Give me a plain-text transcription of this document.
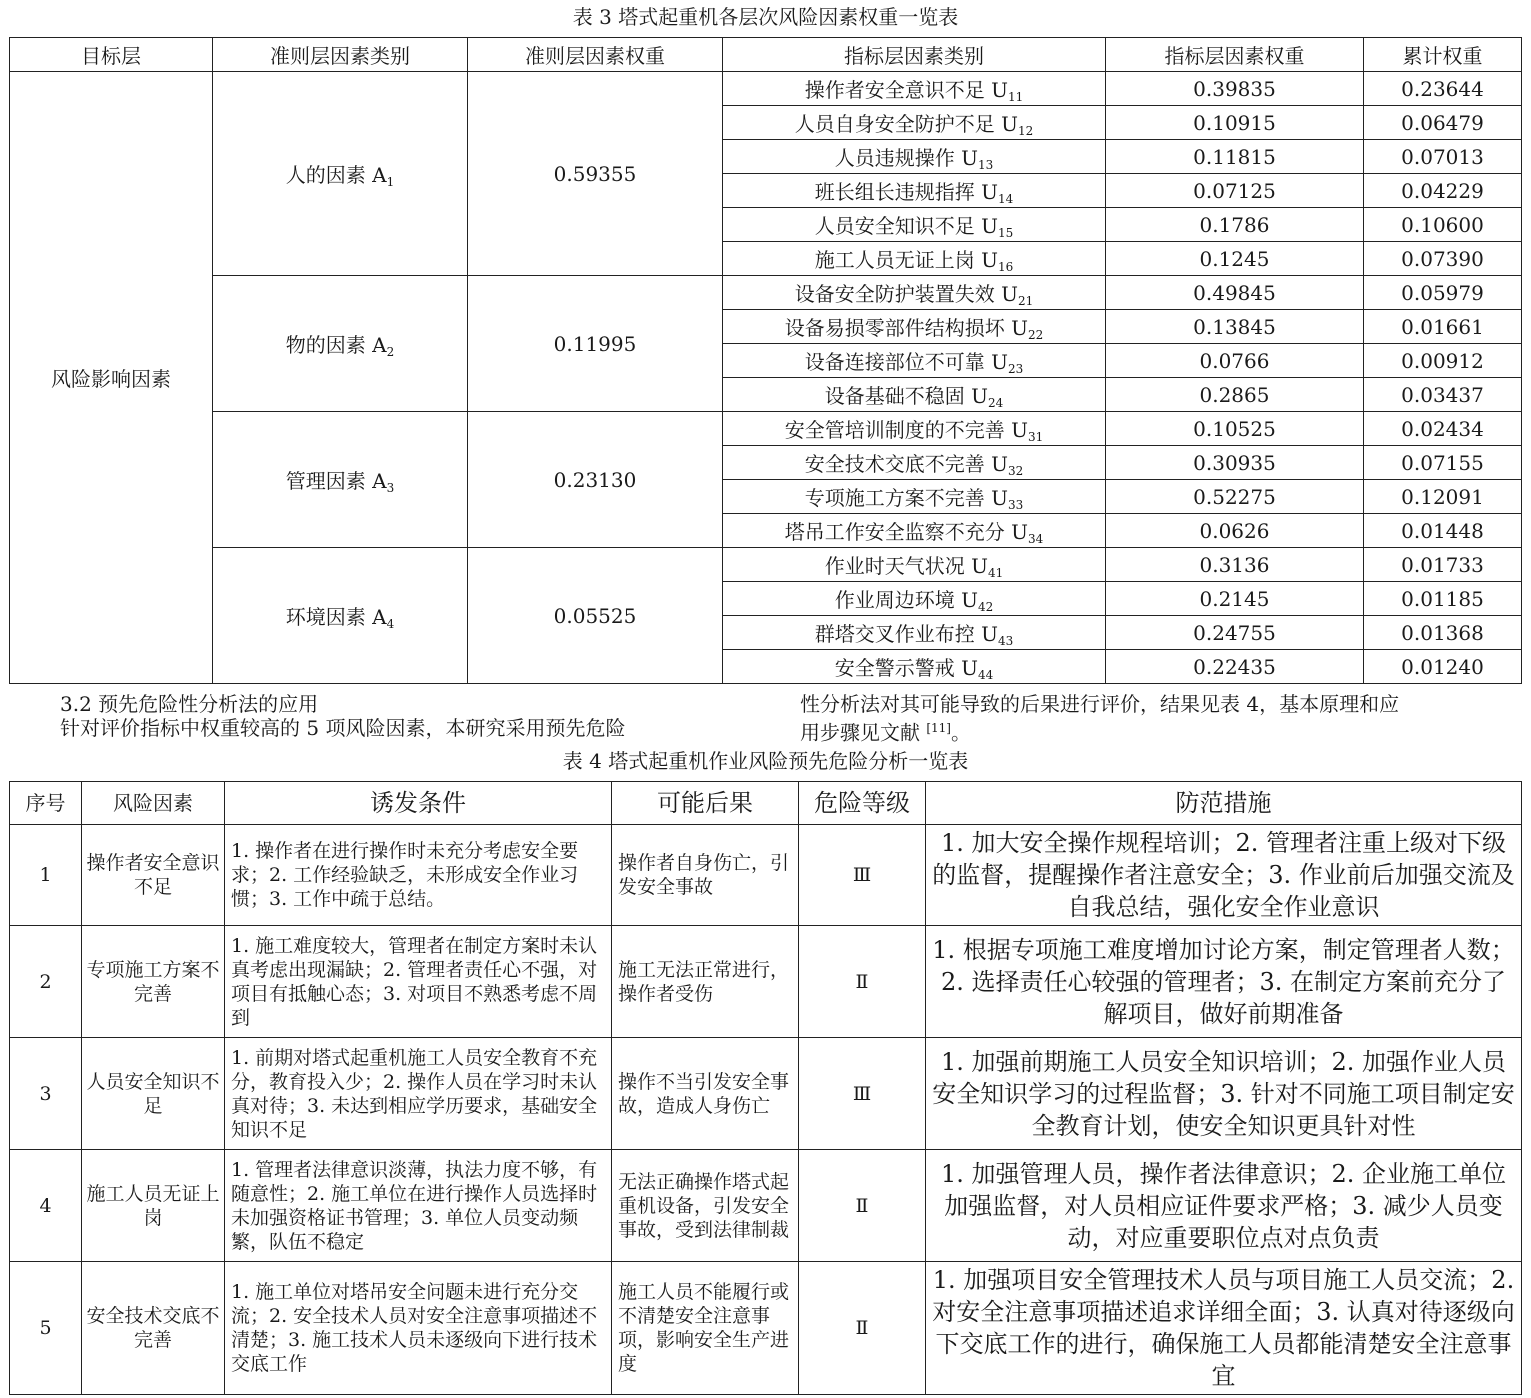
表 3 塔式起重机各层次风险因素权重一览表
目标层	准则层因素类别	准则层因素权重	指标层因素类别	指标层因素权重	累计权重
风险影响因素	人的因素 $A_1$	0.59355	操作者安全意识不足 $U_{11}$	0.39835	0.23644
			人员自身安全防护不足 $U_{12}$	0.10915	0.06479
			人员违规操作 $U_{13}$	0.11815	0.07013
			班长组长违规指挥 $U_{14}$	0.07125	0.04229
			人员安全知识不足 $U_{15}$	0.1786	0.10600
			施工人员无证上岗 $U_{16}$	0.1245	0.07390
	物的因素 $A_2$	0.11995	设备安全防护装置失效 $U_{21}$	0.49845	0.05979
			设备易损零部件结构损坏 $U_{22}$	0.13845	0.01661
			设备连接部位不可靠 $U_{23}$	0.0766	0.00912
			设备基础不稳固 $U_{24}$	0.2865	0.03437
	管理因素 $A_3$	0.23130	安全管培训制度的不完善 $U_{31}$	0.10525	0.02434
			安全技术交底不完善 $U_{32}$	0.30935	0.07155
			专项施工方案不完善 $U_{33}$	0.52275	0.12091
			塔吊工作安全监察不充分 $U_{34}$	0.0626	0.01448
	环境因素 $A_4$	0.05525	作业时天气状况 $U_{41}$	0.3136	0.01733
			作业周边环境 $U_{42}$	0.2145	0.01185
			群塔交叉作业布控 $U_{43}$	0.24755	0.01368
			安全警示警戒 $U_{44}$	0.22435	0.01240
3.2 预先危险性分析法的应用
针对评价指标中权重较高的 5 项风险因素，本研究采用预先危险
性分析法对其可能导致的后果进行评价，结果见表 4，基本原理和应
用步骤见文献 [11]。
表 4 塔式起重机作业风险预先危险分析一览表
序号	风险因素	诱发条件	可能后果	危险等级	防范措施
1	操作者安全意识不足	1. 操作者在进行操作时未充分考虑安全要求；2. 工作经验缺乏，未形成安全作业习惯；3. 工作中疏于总结。	操作者自身伤亡，引发安全事故	Ⅲ	1. 加大安全操作规程培训；2. 管理者注重上级对下级的监督，提醒操作者注意安全；3. 作业前后加强交流及自我总结，强化安全作业意识
2	专项施工方案不完善	1. 施工难度较大，管理者在制定方案时未认真考虑出现漏缺；2. 管理者责任心不强，对项目有抵触心态；3. 对项目不熟悉考虑不周到	施工无法正常进行，操作者受伤	Ⅱ	1. 根据专项施工难度增加讨论方案，制定管理者人数；2. 选择责任心较强的管理者；3. 在制定方案前充分了解项目，做好前期准备
3	人员安全知识不足	1. 前期对塔式起重机施工人员安全教育不充分，教育投入少；2. 操作人员在学习时未认真对待；3. 未达到相应学历要求，基础安全知识不足	操作不当引发安全事故，造成人身伤亡	Ⅲ	1. 加强前期施工人员安全知识培训；2. 加强作业人员安全知识学习的过程监督；3. 针对不同施工项目制定安全教育计划，使安全知识更具针对性
4	施工人员无证上岗	1. 管理者法律意识淡薄，执法力度不够，有随意性；2. 施工单位在进行操作人员选择时未加强资格证书管理；3. 单位人员变动频繁，队伍不稳定	无法正确操作塔式起重机设备，引发安全事故，受到法律制裁	Ⅱ	1. 加强管理人员，操作者法律意识；2. 企业施工单位加强监督，对人员相应证件要求严格；3. 减少人员变动，对应重要职位点对点负责
5	安全技术交底不完善	1. 施工单位对塔吊安全问题未进行充分交流；2. 安全技术人员对安全注意事项描述不清楚；3. 施工技术人员未逐级向下进行技术交底工作	施工人员不能履行或不清楚安全注意事项，影响安全生产进度	Ⅱ	1. 加强项目安全管理技术人员与项目施工人员交流；2. 对安全注意事项描述追求详细全面；3. 认真对待逐级向下交底工作的进行，确保施工人员都能清楚安全注意事宜
